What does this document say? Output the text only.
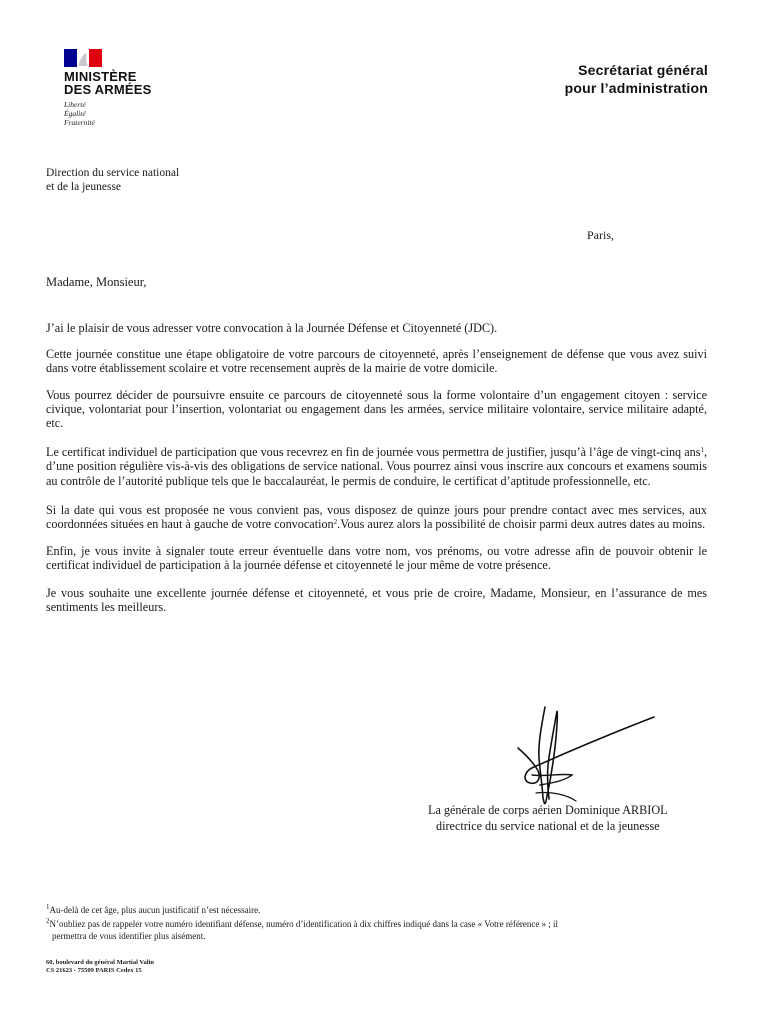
MINISTÈRE
DES ARMÉES
Liberté
Égalité
Fraternité
Secrétariat général
pour l’administration
Direction du service national
et de la jeunesse
Paris,
Madame, Monsieur,

J’ai le plaisir de vous adresser votre convocation à la Journée Défense et Citoyenneté (JDC).

Cette journée constitue une étape obligatoire de votre parcours de citoyenneté, après l’enseignement de défense que vous avez suivi dans votre établissement scolaire et votre recensement auprès de la mairie de votre domicile.

Vous pourrez décider de poursuivre ensuite ce parcours de citoyenneté sous la forme volontaire d’un engagement citoyen : service civique, volontariat pour l’insertion, volontariat ou engagement dans les armées, service militaire volontaire, service militaire adapté, etc.

Le certificat individuel de participation que vous recevrez en fin de journée vous permettra de justifier, jusqu’à l’âge de vingt-cinq ans$^1$, d’une position régulière vis-à-vis des obligations de service national. Vous pourrez ainsi vous inscrire aux concours et examens soumis au contrôle de l’autorité publique tels que le baccalauréat, le permis de conduire, le certificat d’aptitude professionnelle, etc.

Si la date qui vous est proposée ne vous convient pas, vous disposez de quinze jours pour prendre contact avec mes services, aux coordonnées situées en haut à gauche de votre convocation$^2$.Vous aurez alors la possibilité de choisir parmi deux autres dates au moins.

Enfin, je vous invite à signaler toute erreur éventuelle dans votre nom, vos prénoms, ou votre adresse afin de pouvoir obtenir le certificat individuel de participation à la journée défense et citoyenneté le jour même de votre présence.

Je vous souhaite une excellente journée défense et citoyenneté, et vous prie de croire, Madame, Monsieur, en l’assurance de mes sentiments les meilleurs.

La générale de corps aérien Dominique ARBIOL
directrice du service national et de la jeunesse
$^1$Au-delà de cet âge, plus aucun justificatif n’est nécessaire.
$^2$N’oubliez pas de rappeler votre numéro identifiant défense, numéro d’identification à dix chiffres indiqué dans la case « Votre référence » ; il
permettra de vous identifier plus aisément.
60, boulevard du général Martial Valin
CS 21623 - 75509 PARIS Cedex 15
